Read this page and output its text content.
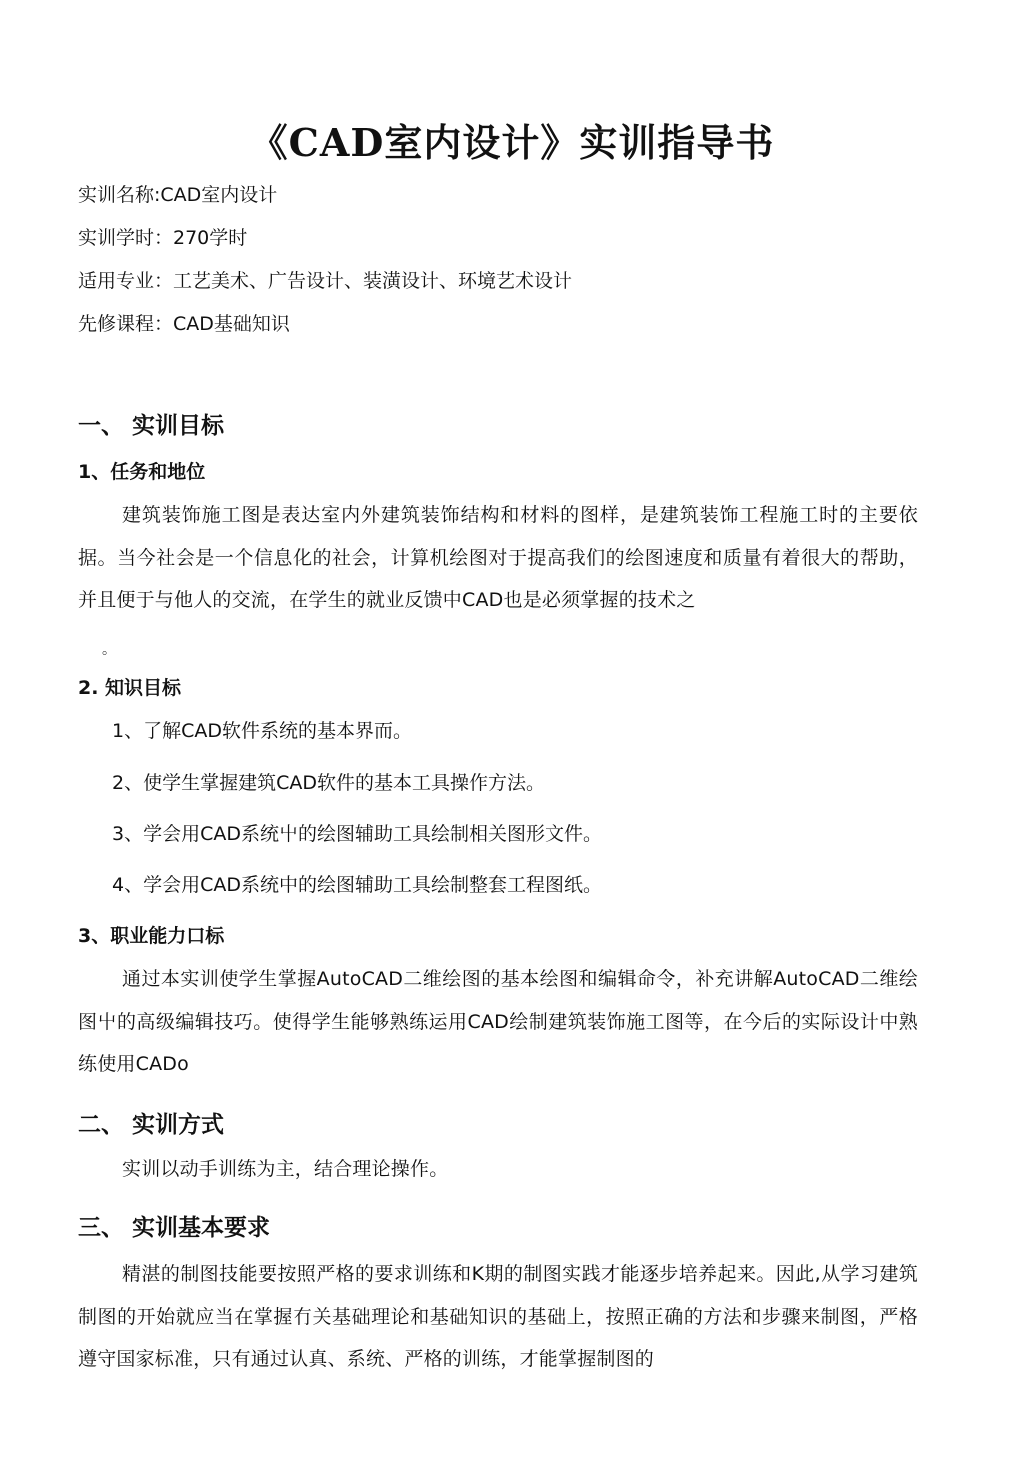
《CAD室内设计》实训指导书

实训名称:CAD室内设计

实训学时：270学时

适用专业：工艺美术、广告设计、装潢设计、环境艺术设计

先修课程：CAD基础知识

一、 实训目标
1、任务和地位

建筑装饰施工图是表达室内外建筑装饰结构和材料的图样，是建筑装饰工程施工时的主要依据。当今社会是一个信息化的社会，计算机绘图对于提高我们的绘图速度和质量有着很大的帮助，并且便于与他人的交流，在学生的就业反馈中CAD也是必须掌握的技术之

。

2. 知识目标

1、了解CAD软件系统的基本界而。

2、使学生掌握建筑CAD软件的基本工具操作方法。

3、学会用CAD系统屮的绘图辅助工具绘制相关图形文件。

4、学会用CAD系统中的绘图辅助工具绘制整套工程图纸。

3、职业能力口标

通过本实训使学生掌握AutoCAD二维绘图的基本绘图和编辑命令，补充讲解AutoCAD二维绘图屮的高级编辑技巧。使得学生能够熟练运用CAD绘制建筑装饰施工图等，在今后的实际设计中熟练使用CADo

二、 实训方式

实训以动手训练为主，结合理论操作。

三、 实训基本要求

精湛的制图技能要按照严格的要求训练和K期的制图实践才能逐步培养起来。因此,从学习建筑制图的开始就应当在掌握冇关基础理论和基础知识的基础上，按照正确的方法和步骤来制图，严格遵守国家标准，只有通过认真、系统、严格的训练，才能掌握制图的
